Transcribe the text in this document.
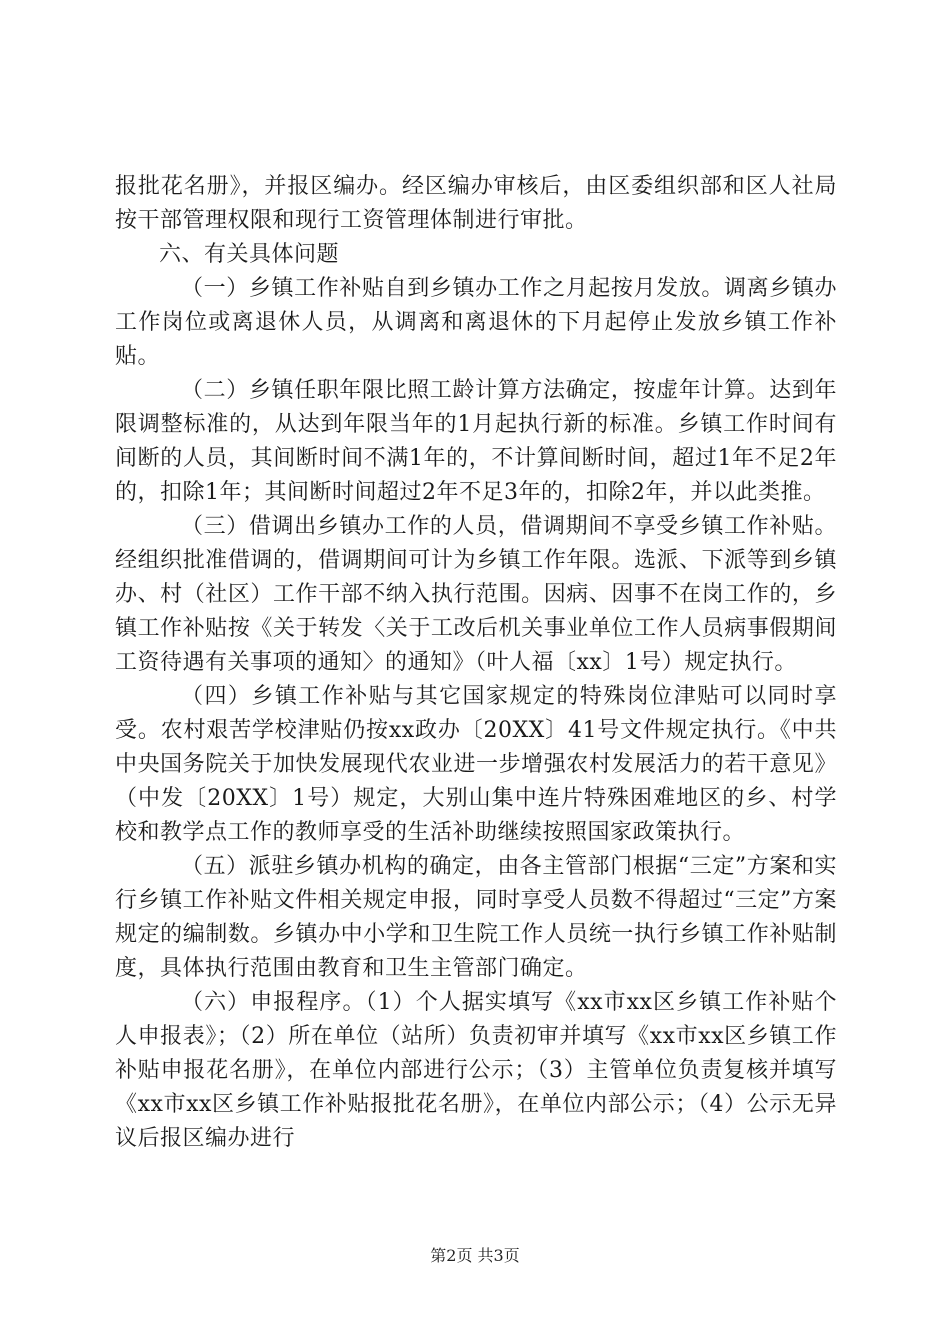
报批花名册》，并报区编办。经区编办审核后，由区委组织部和区人社局按干部管理权限和现行工资管理体制进行审批。

六、有关具体问题

（一）乡镇工作补贴自到乡镇办工作之月起按月发放。调离乡镇办工作岗位或离退休人员，从调离和离退休的下月起停止发放乡镇工作补贴。

（二）乡镇任职年限比照工龄计算方法确定，按虚年计算。达到年限调整标准的，从达到年限当年的1月起执行新的标准。乡镇工作时间有间断的人员，其间断时间不满1年的，不计算间断时间，超过1年不足2年的，扣除1年；其间断时间超过2年不足3年的，扣除2年，并以此类推。

（三）借调出乡镇办工作的人员，借调期间不享受乡镇工作补贴。经组织批准借调的，借调期间可计为乡镇工作年限。选派、下派等到乡镇办、村（社区）工作干部不纳入执行范围。因病、因事不在岗工作的，乡镇工作补贴按《关于转发〈关于工改后机关事业单位工作人员病事假期间工资待遇有关事项的通知〉的通知》（叶人福〔xx〕1号）规定执行。

（四）乡镇工作补贴与其它国家规定的特殊岗位津贴可以同时享受。农村艰苦学校津贴仍按xx政办〔20XX〕41号文件规定执行。《中共中央国务院关于加快发展现代农业进一步增强农村发展活力的若干意见》（中发〔20XX〕1号）规定，大别山集中连片特殊困难地区的乡、村学校和教学点工作的教师享受的生活补助继续按照国家政策执行。

（五）派驻乡镇办机构的确定，由各主管部门根据“三定”方案和实行乡镇工作补贴文件相关规定申报，同时享受人员数不得超过“三定”方案规定的编制数。乡镇办中小学和卫生院工作人员统一执行乡镇工作补贴制度，具体执行范围由教育和卫生主管部门确定。

（六）申报程序。（1）个人据实填写《xx市xx区乡镇工作补贴个人申报表》；（2）所在单位（站所）负责初审并填写《xx市xx区乡镇工作补贴申报花名册》，在单位内部进行公示；（3）主管单位负责复核并填写《xx市xx区乡镇工作补贴报批花名册》，在单位内部公示；（4）公示无异议后报区编办进行

第2页 共3页
